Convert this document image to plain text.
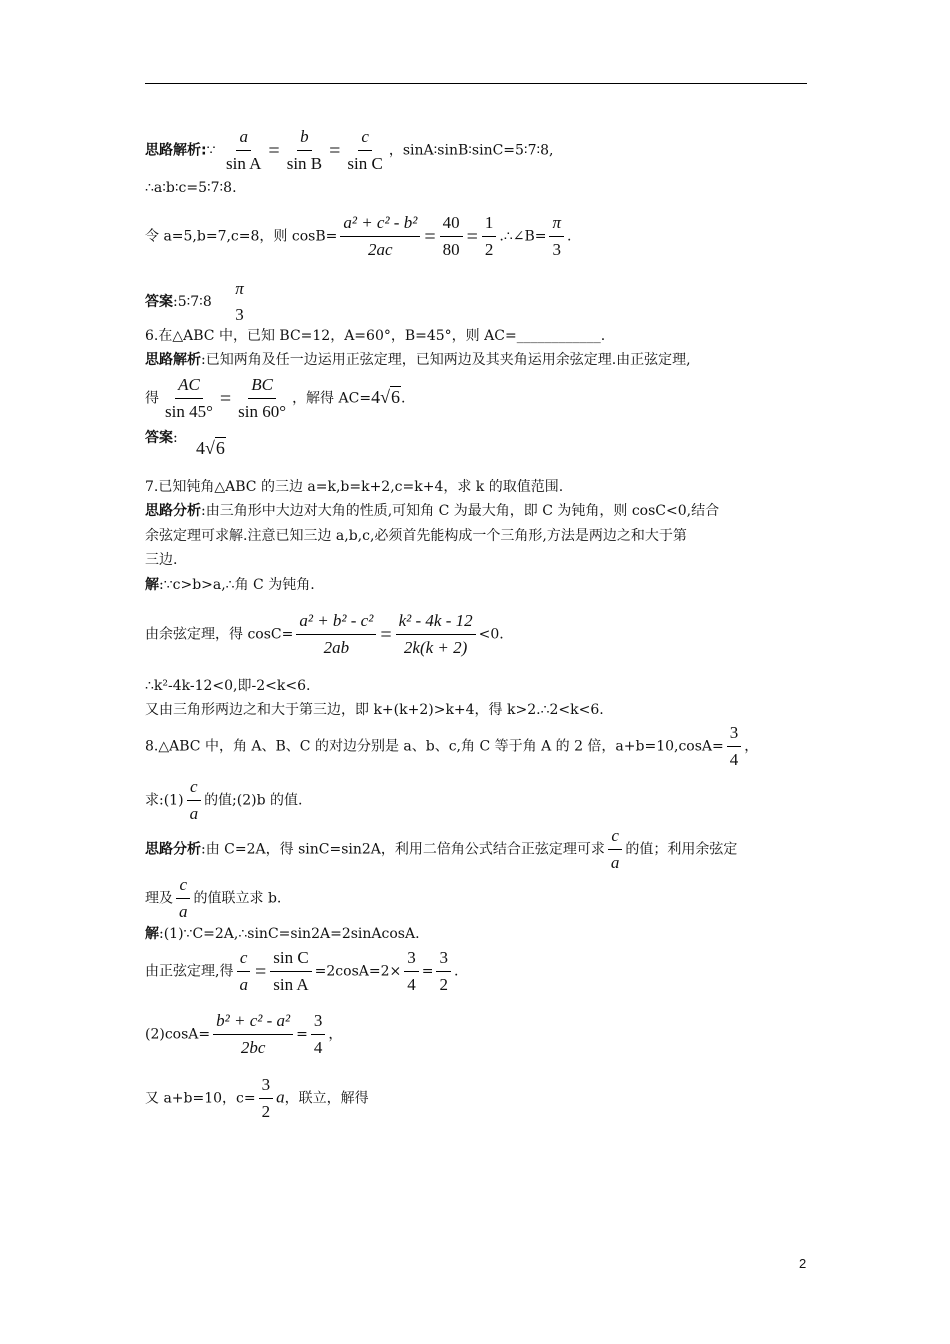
思路解析:∵ $\frac{a}{\text{sin A}} = \frac{b}{\text{sin B}} = \frac{c}{\text{sin C}}$ ，sinA∶sinB∶sinC=5∶7∶8,
∴a∶b∶c=5∶7∶8.
令 a=5,b=7,c=8，则 $\cos B= \frac{\text{a² + c² - b²}}{2ac} = \frac{40}{80} = \frac{1}{2}$ .∴∠B= $\frac{\pi}{3}$ .
答案:5∶7∶8
π
3
6.在△ABC 中，已知 BC=12，A=60°，B=45°，则 AC=____________.
思路解析:已知两角及任一边运用正弦定理，已知两边及其夹角运用余弦定理.由正弦定理,
得 $\frac{AC}{\sin 45^\circ} = \frac{BC}{\sin 60^\circ}$ ，解得 AC=4√6.
答案: 4√6
7.已知钝角△ABC 的三边 a=k,b=k+2,c=k+4，求 k 的取值范围.
思路分析:由三角形中大边对大角的性质,可知角 C 为最大角，即 C 为钝角，则 cosC<0,结合
余弦定理可求解.注意已知三边 a,b,c,必须首先能构成一个三角形,方法是两边之和大于第
三边.
解:∵c>b>a,∴角 C 为钝角.
由余弦定理，得 $\cos C= \frac{\text{a² + b² - c²}}{2ab} = \frac{\text{k² - 4k - 12}}{2k(k + 2)} <0$.
∴k²-4k-12<0,即-2<k<6.
又由三角形两边之和大于第三边，即 k+(k+2)>k+4，得 k>2.∴2<k<6.
8.△ABC 中，角 A、B、C 的对边分别是 a、b、c,角 C 等于角 A 的 2 倍，$a+b=10,\cos A= \frac{3}{4}$ ，
求:(1) $\frac{c}{a}$ 的值;(2)b 的值.
思路分析:由 C=2A，得 sinC=sin2A，利用二倍角公式结合正弦定理可求 $\frac{c}{a}$ 的值；利用余弦定
理及 $\frac{c}{a}$ 的值联立求 b.
解:(1)∵C=2A,∴sinC=sin2A=2sinAcosA.
由正弦定理,得 $\frac{c}{a} = \frac{\text{sin C}}{\text{sin A}} =2\cos A=2\times \frac{3}{4} = \frac{3}{2}$ .
$(2)\cos A= \frac{\text{b² + c² - a²}}{2bc} = \frac{3}{4}$ ，
又 a+b=10，$c= \frac{3}{2}$ a，联立，解得
2
